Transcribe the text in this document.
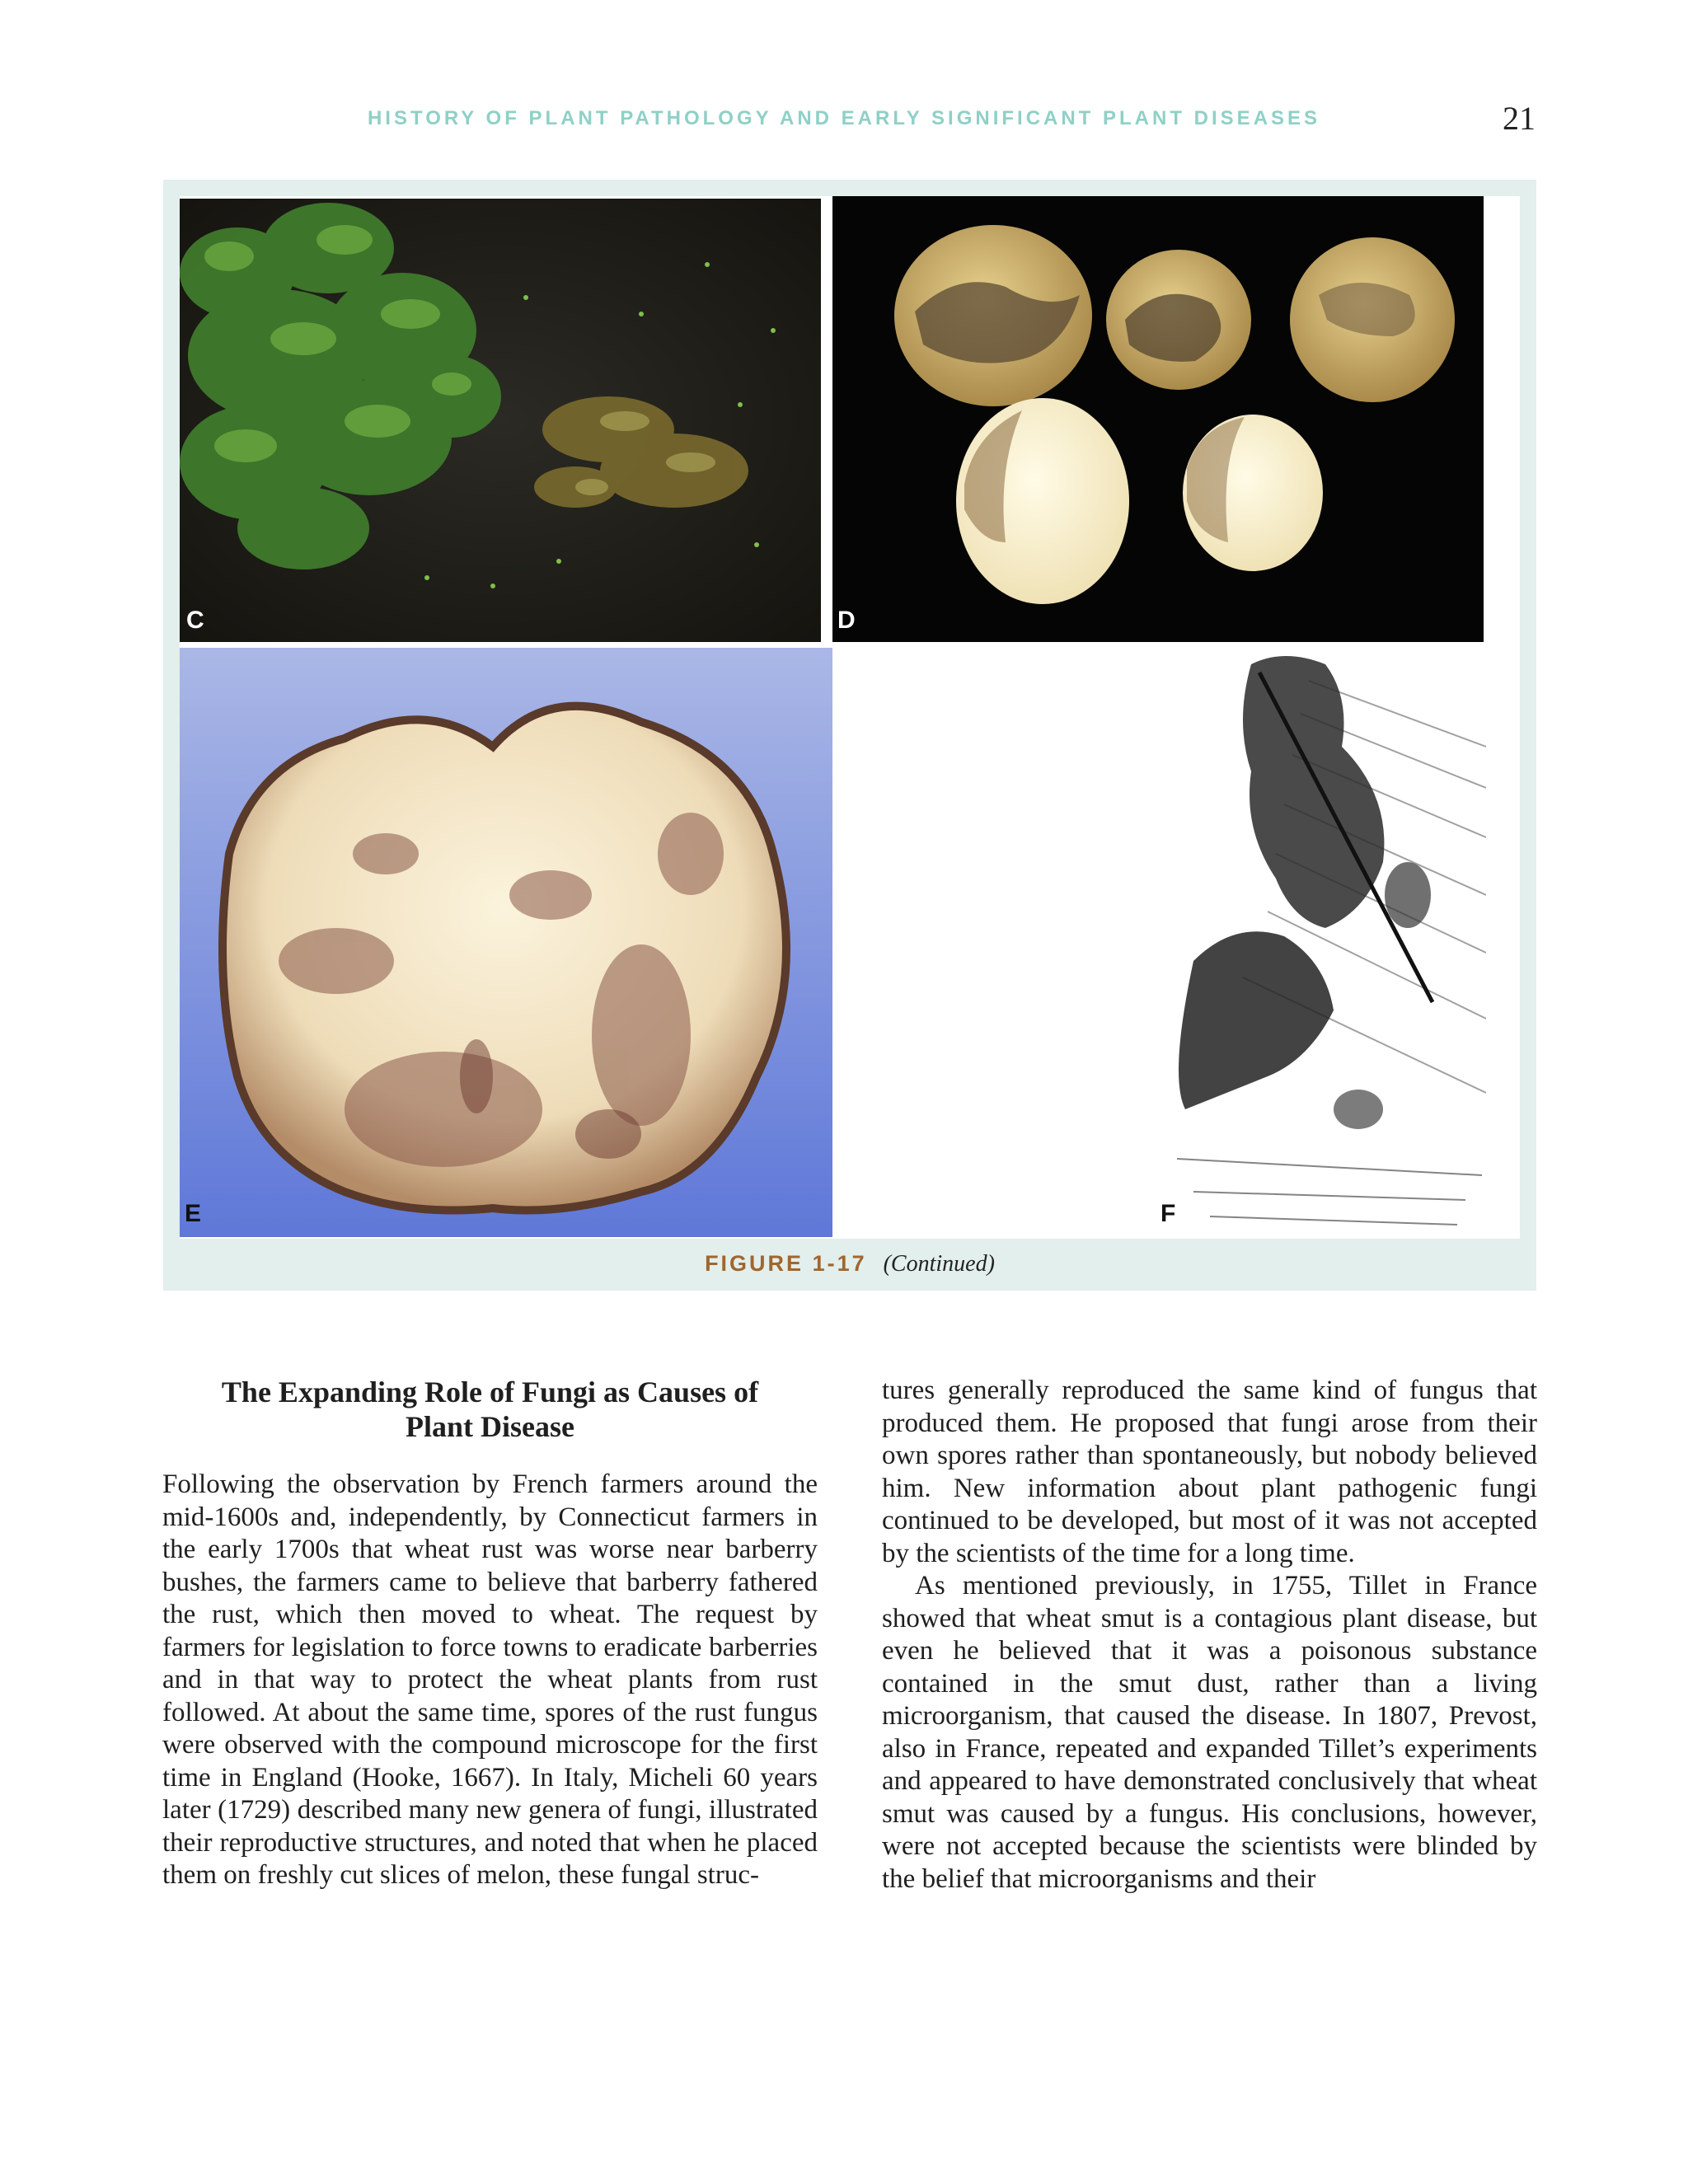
HISTORY OF PLANT PATHOLOGY AND EARLY SIGNIFICANT PLANT DISEASES	21
C	D
E	F
FIGURE 1-17 (Continued)
The Expanding Role of Fungi as Causes of Plant Disease

Following the observation by French farmers around the mid-1600s and, independently, by Connecticut farmers in the early 1700s that wheat rust was worse near barberry bushes, the farmers came to believe that barberry fathered the rust, which then moved to wheat. The request by farmers for legislation to force towns to eradicate barberries and in that way to protect the wheat plants from rust followed. At about the same time, spores of the rust fungus were observed with the compound microscope for the first time in England (Hooke, 1667). In Italy, Micheli 60 years later (1729) described many new genera of fungi, illustrated their reproductive structures, and noted that when he placed them on freshly cut slices of melon, these fungal struc-

tures generally reproduced the same kind of fungus that produced them. He proposed that fungi arose from their own spores rather than spontaneously, but nobody believed him. New information about plant pathogenic fungi continued to be developed, but most of it was not accepted by the scientists of the time for a long time.

As mentioned previously, in 1755, Tillet in France showed that wheat smut is a contagious plant disease, but even he believed that it was a poisonous substance contained in the smut dust, rather than a living microorganism, that caused the disease. In 1807, Prevost, also in France, repeated and expanded Tillet’s experiments and appeared to have demonstrated conclusively that wheat smut was caused by a fungus. His conclusions, however, were not accepted because the scientists were blinded by the belief that microorganisms and their
